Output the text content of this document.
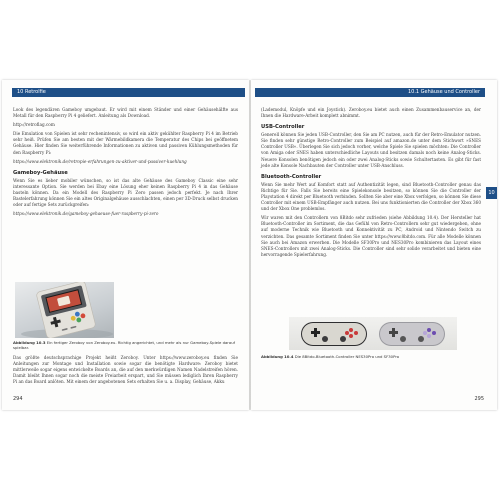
10 Retrolfie

Look des legendären Gameboy umgebaut. Er wird mit einem Ständer und einer Gehäusehälfte aus Metall für den Raspberry Pi 4 geliefert. Anleitung als Download.

http://retroflag.com

Die Emulation von Spielen ist sehr rechenintensiv, so wird ein aktiv gekühlter Raspberry Pi 4 im Betrieb sehr heiß. Prüfen Sie am besten mit der Wärmebildkamera die Temperatur des Chips bei geöffnetem Gehäuse. Hier finden Sie weiterführende Informationen zu aktiven und passiven Kühlungsmethoden für den Raspberry Pi:

https://www.elektronik.de/retropie-erfahrungen-zu-aktiver-und-passiver-kuehlung

Gameboy-Gehäuse

Wenn Sie es lieber mobiler wünschen, so ist das alte Gehäuse des Gameboy Classic eine sehr interessante Option. Sie werden bei Ebay eine Lösung eher keinen Raspberry Pi 4 in das Gehäuse basteln können. Da ein Modell des Raspberry Pi Zero passen jedoch perfekt. Je nach Ihrer Bastelerfahrung können Sie ein altes Originalgehäuse ausschlachten, einen per 3D-Druck selbst drucken oder auf fertige Sets zurückgreifen:

https://www.elektronik.de/gameboy-gehaeuse-fuer-raspberry-pi-zero

Abbildung 10.3 Ein fertiger Zeroboy von Zeroboy.eu. Richtig angerichtet, und mehr als nur Gameboy-Spiele darauf spielbar.

Das größte deutschsprachige Projekt heißt Zeroboy. Unter https://www.zeroboy.eu finden Sie Anleitungen zur Montage und Installation sowie sogar die benötigte Hardware: Zeroboy bietet mittlerweile sogar eigens entwickelte Boards an, die auf den merkwürdigen Namen Nadelstreifen hören. Damit bleibt Ihnen sogar noch die meiste Freiarbeit erspart, und Sie müssen lediglich Ihren Raspberry Pi an das Board anlöten. Mit einem der angebotenen Sets erhalten Sie u. a. Display, Gehäuse, Akku

294
10.1 Gehäuse und Controller

(Lademodul, Knöpfe und ein Joystick). Zeroboy.eu bietet auch einen Zusammenbauservice an, der Ihnen die Hardware-Arbeit komplett abnimmt.

USB-Controller

Generell können Sie jeden USB-Controller, den Sie am PC nutzen, auch für der Retro-Emulator nutzen. Sie finden sehr günstige Retro-Controller zum Beispiel auf amazon.de unter dem Stichwort »SNES Controller USB«. Überlegen Sie sich jedoch vorher, welche Spiele Sie spielen möchten: Die Controller von Amiga oder SNES haben unterschiedliche Layouts und besitzen damals noch keine Analog-Sticks. Neuere Konsolen benötigen jedoch ein oder zwei Analog-Sticks sowie Schultertasten. Es gibt für fast jede alte Konsole Nachbauten der Controller unter USB-Anschluss.

Bluetooth-Controller

Wenn Sie mehr Wert auf Komfort statt auf Authentizität legen, sind Bluetooth-Controller genau das Richtige für Sie. Falls Sie bereits eine Spielekonsole besitzen, so können Sie die Controller der Playstation 4 direkt per Bluetooth verbinden. Sollten Sie aber eine Xbox verfolgen, so können Sie diese Controller mit einem USB-Empfänger auch nutzen. Bei uns funktionierten die Controller der Xbox 360 und der Xbox One problemlos.

Wir waren mit den Controllern von 8Bitdo sehr zufrieden (siehe Abbildung 10.4). Der Hersteller hat Bluetooth-Controller im Sortiment, die das Gefühl von Retro-Controllern sehr gut wiedergeben, ohne auf moderne Technik wie Bluetooth und Konnektivität zu PC, Android und Nintendo Switch zu verzichten. Das gesamte Sortiment finden Sie unter https://www.8bitdo.com. Für alle Modelle können Sie auch bei Amazon erwerben. Die Modelle SF30Pro und NES30Pro kombinieren das Layout eines SNES-Controllers mit zwei Analog-Sticks. Die Controller sind sehr solide verarbeitet und bieten eine hervorragende Spielerfahrung.

10

Abbildung 10.4 Die 8Bitdo-Bluetooth-Controller NES30Pro und SF30Pro

295
